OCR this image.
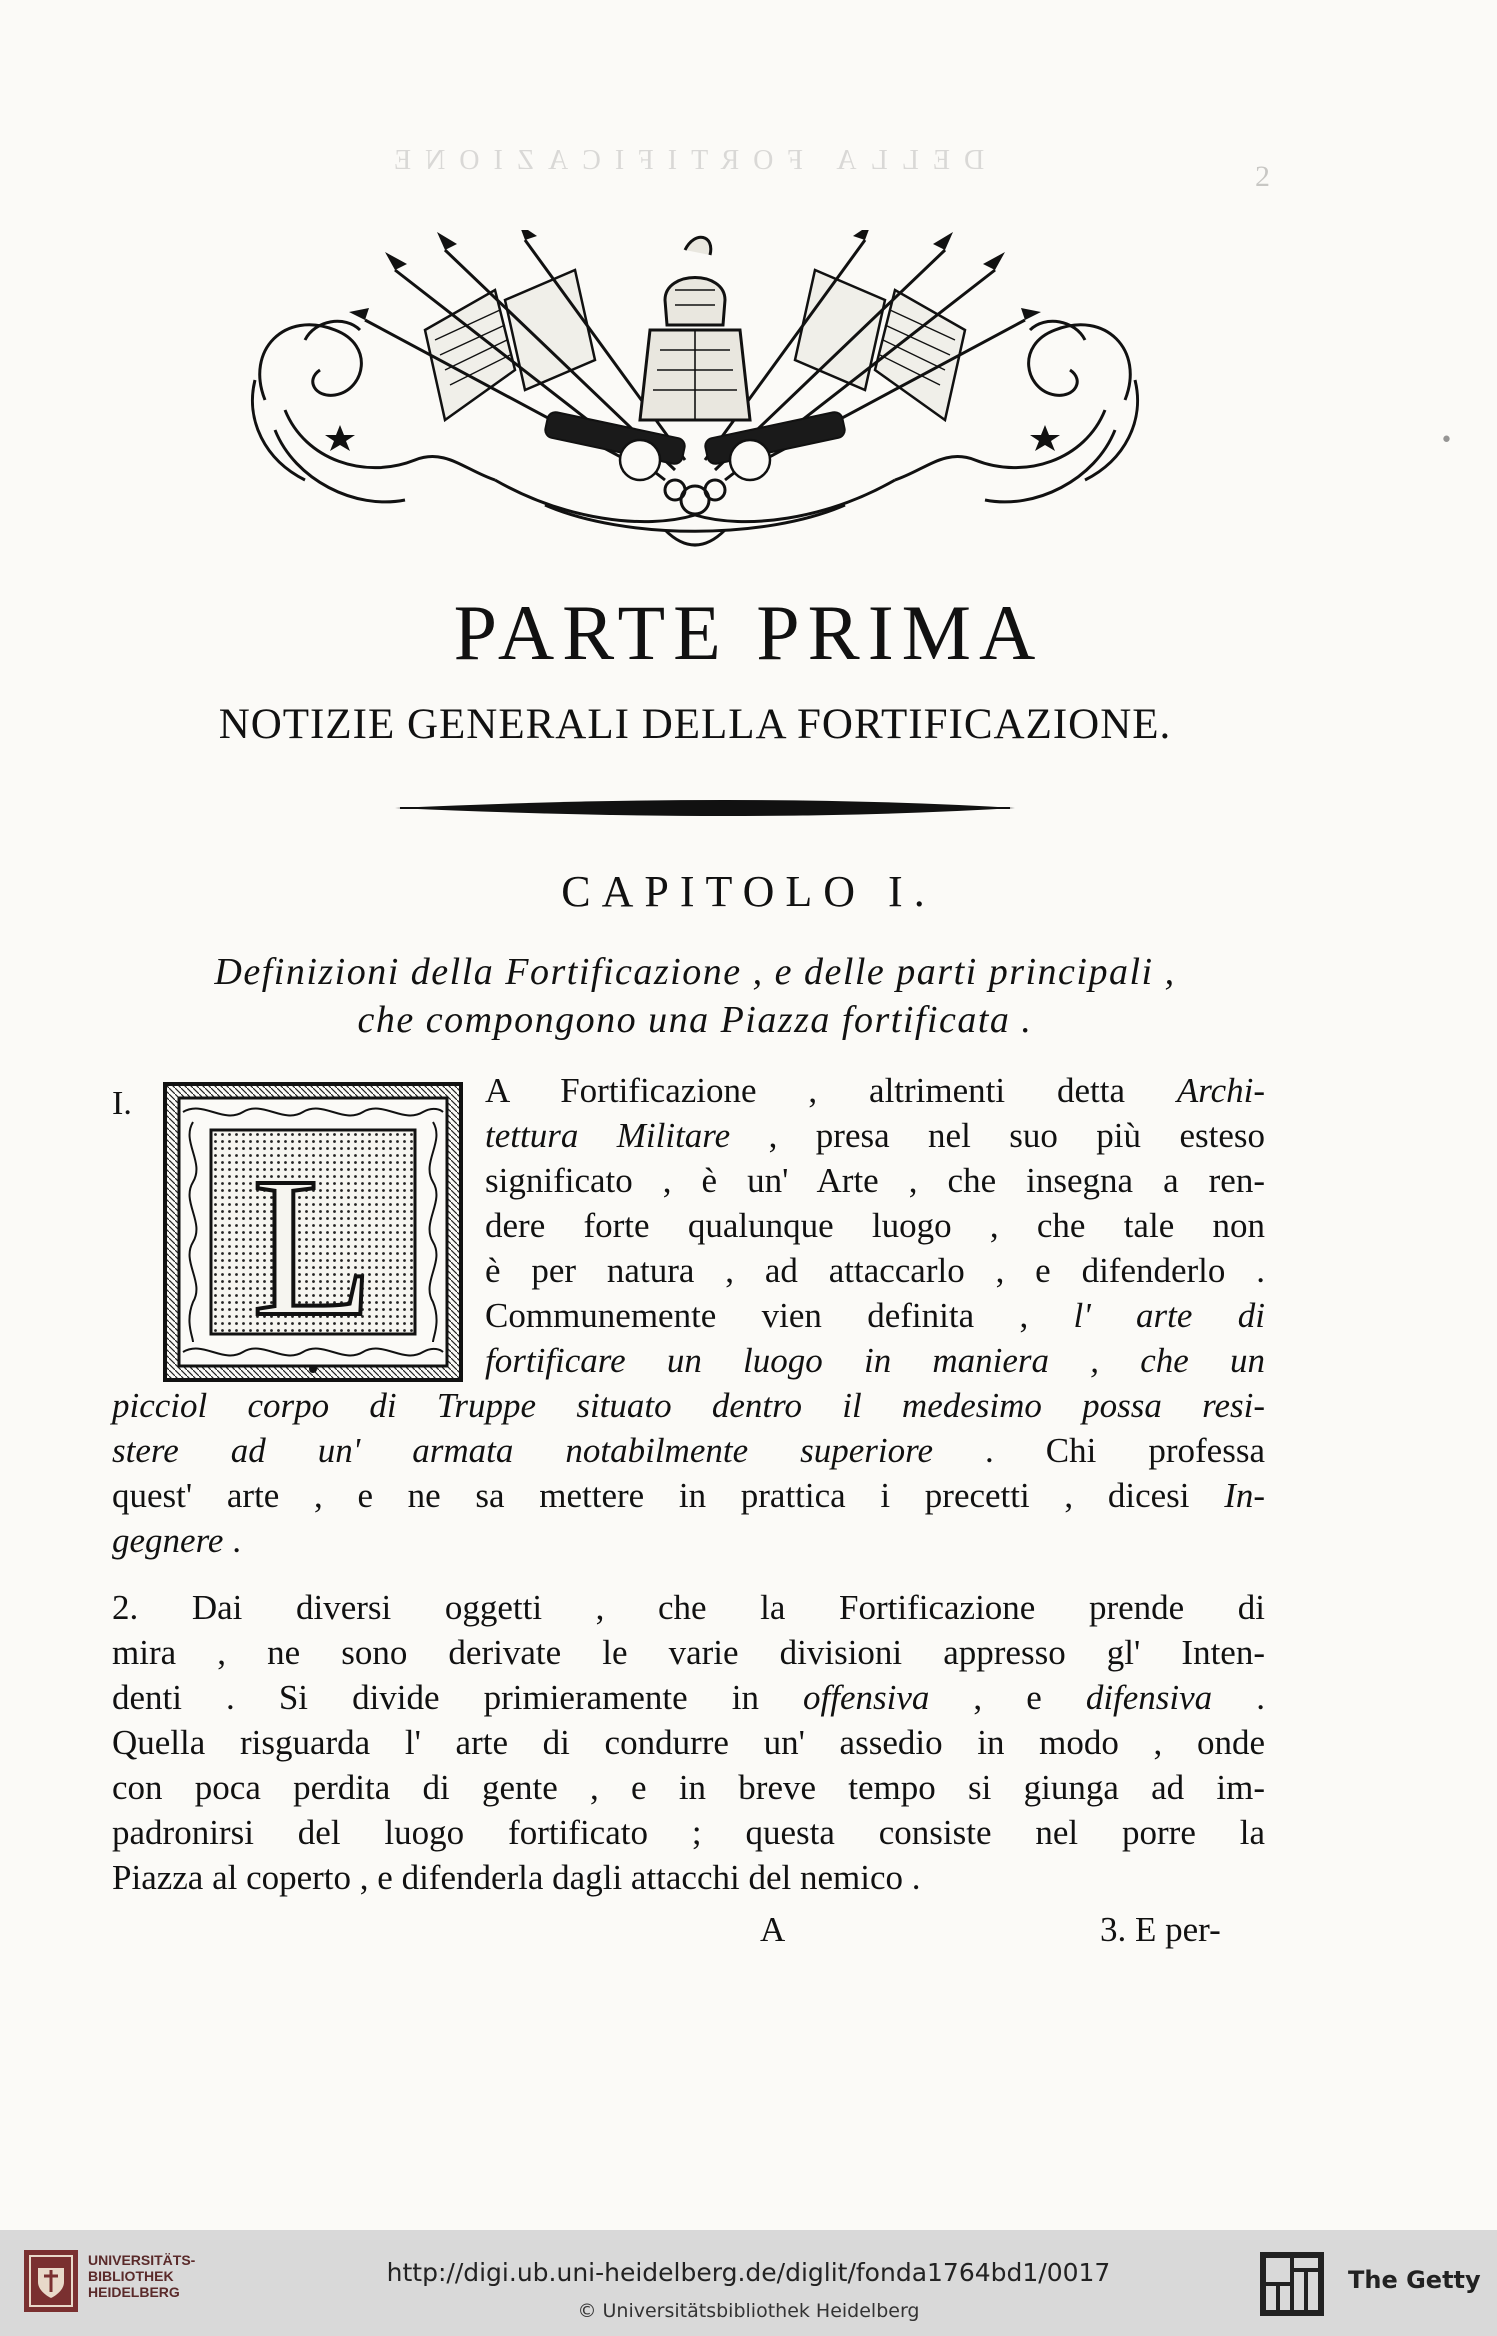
DELLA FORTIFICAZIONE	2
•
PARTE PRIMA
NOTIZIE GENERALI DELLA FORTIFICAZIONE.
CAPITOLO I.
Definizioni della Fortificazione , e delle parti principali ,
che compongono una Piazza fortificata .
I.
L
A Fortificazione , altrimenti detta Archi-
tettura Militare , presa nel suo più esteso
significato , è un' Arte , che insegna a ren-
dere forte qualunque luogo , che tale non
è per natura , ad attaccarlo , e difenderlo .
Communemente vien definita , l' arte di
fortificare un luogo in maniera , che un
picciol corpo di Truppe situato dentro il medesimo possa resi-
stere ad un' armata notabilmente superiore . Chi professa
quest' arte , e ne sa mettere in prattica i precetti , dicesi In-
gegnere .
2. Dai diversi oggetti , che la Fortificazione prende di
mira , ne sono derivate le varie divisioni appresso gl' Inten-
denti . Si divide primieramente in offensiva , e difensiva .
Quella risguarda l' arte di condurre un' assedio in modo , onde
con poca perdita di gente , e in breve tempo si giunga ad im-
padronirsi del luogo fortificato ; questa consiste nel porre la
Piazza al coperto , e difenderla dagli attacchi del nemico .
A	3. E per-
UNIVERSITÄTS-
BIBLIOTHEK
HEIDELBERG
http://digi.ub.uni-heidelberg.de/diglit/fonda1764bd1/0017
© Universitätsbibliothek Heidelberg
The Getty
